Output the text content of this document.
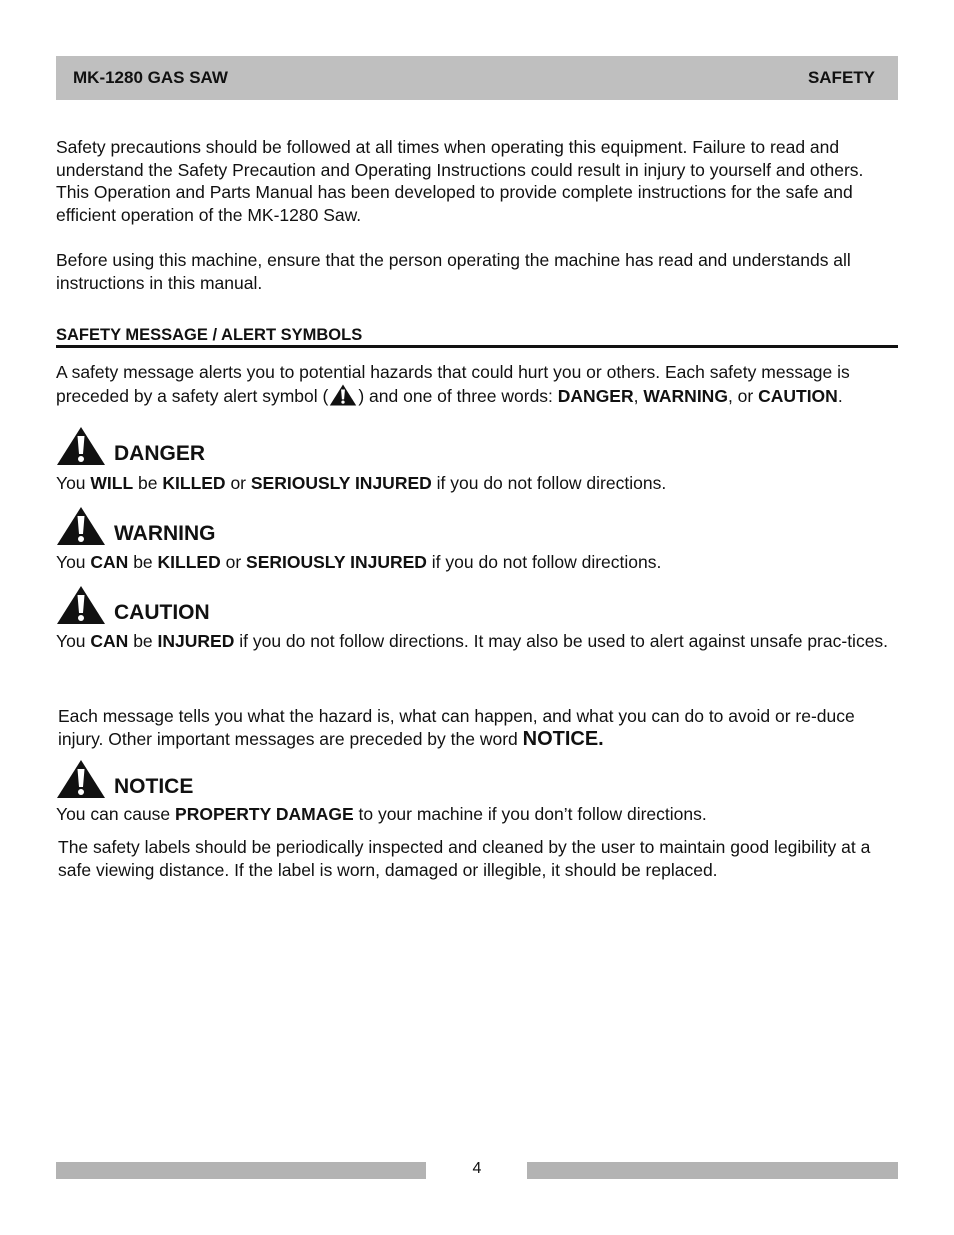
MK-1280 GAS SAW	SAFETY

Safety precautions should be followed at all times when operating this equipment. Failure to read and understand the Safety Precaution and Operating Instructions could result in injury to yourself and others. This Operation and Parts Manual has been developed to provide complete instructions for the safe and efficient operation of the MK-1280 Saw.

Before using this machine, ensure that the person operating the machine has read and understands all instructions in this manual.

SAFETY MESSAGE / ALERT SYMBOLS

A safety message alerts you to potential hazards that could hurt you or others. Each safety message is preceded by a safety alert symbol ( ) and one of three words: DANGER, WARNING, or CAUTION.

DANGER

You WILL be KILLED or SERIOUSLY INJURED if you do not follow directions.

WARNING

You CAN be KILLED or SERIOUSLY INJURED if you do not follow directions.

CAUTION

You CAN be INJURED if you do not follow directions. It may also be used to alert against unsafe prac-tices.

Each message tells you what the hazard is, what can happen, and what you can do to avoid or re-duce injury. Other important messages are preceded by the word NOTICE.

NOTICE

You can cause PROPERTY DAMAGE to your machine if you don’t follow directions.

The safety labels should be periodically inspected and cleaned by the user to maintain good legibility at a safe viewing distance. If the label is worn, damaged or illegible, it should be replaced.

4
